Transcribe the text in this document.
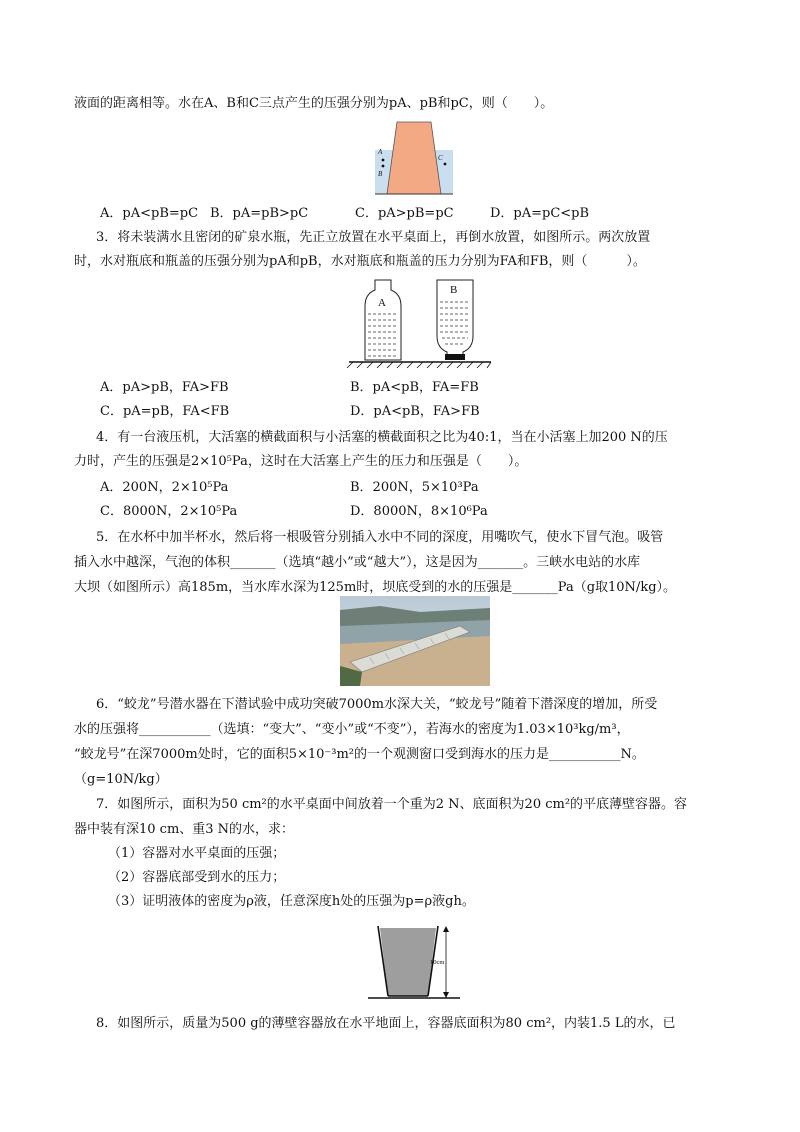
液面的距离相等。水在A、B和C三点产生的压强分别为pA、pB和pC，则（　　）。
A
B
C
A．pA<pB=pC B．pA=pB>pC	C．pA>pB=pC	D．pA=pC<pB
3．将未装满水且密闭的矿泉水瓶，先正立放置在水平桌面上，再倒水放置，如图所示。两次放置
时，水对瓶底和瓶盖的压强分别为pA和pB，水对瓶底和瓶盖的压力分别为FA和FB，则（　　　）。
A
B
A．pA>pB，FA>FB	B．pA<pB，FA=FB
C．pA=pB，FA<FB	D．pA<pB，FA>FB
4．有一台液压机，大活塞的横截面积与小活塞的横截面积之比为40:1，当在小活塞上加200 N的压
力时，产生的压强是2×10⁵Pa，这时在大活塞上产生的压力和压强是（　　）。
A．200N，2×10⁵Pa	B．200N，5×10³Pa
C．8000N，2×10⁵Pa	D．8000N，8×10⁶Pa
5．在水杯中加半杯水，然后将一根吸管分别插入水中不同的深度，用嘴吹气，使水下冒气泡。吸管
插入水中越深，气泡的体积_______（选填“越小”或“越大”），这是因为_______。三峡水电站的水库
大坝（如图所示）高185m，当水库水深为125m时，坝底受到的水的压强是_______Pa（g取10N/kg）。
6．“蛟龙”号潜水器在下潜试验中成功突破7000m水深大关，“蛟龙号”随着下潜深度的增加，所受
水的压强将___________（选填：“变大”、“变小”或“不变”），若海水的密度为1.03×10³kg/m³，
“蛟龙号”在深7000m处时，它的面积5×10⁻³m²的一个观测窗口受到海水的压力是___________N。
（g=10N/kg）
7．如图所示，面积为50 cm²的水平桌面中间放着一个重为2 N、底面积为20 cm²的平底薄壁容器。容
器中装有深10 cm、重3 N的水，求：
（1）容器对水平桌面的压强；
（2）容器底部受到水的压力；
（3）证明液体的密度为ρ液，任意深度h处的压强为p=ρ液gh。
10cm
8．如图所示，质量为500 g的薄壁容器放在水平地面上，容器底面积为80 cm²，内装1.5 L的水，已
